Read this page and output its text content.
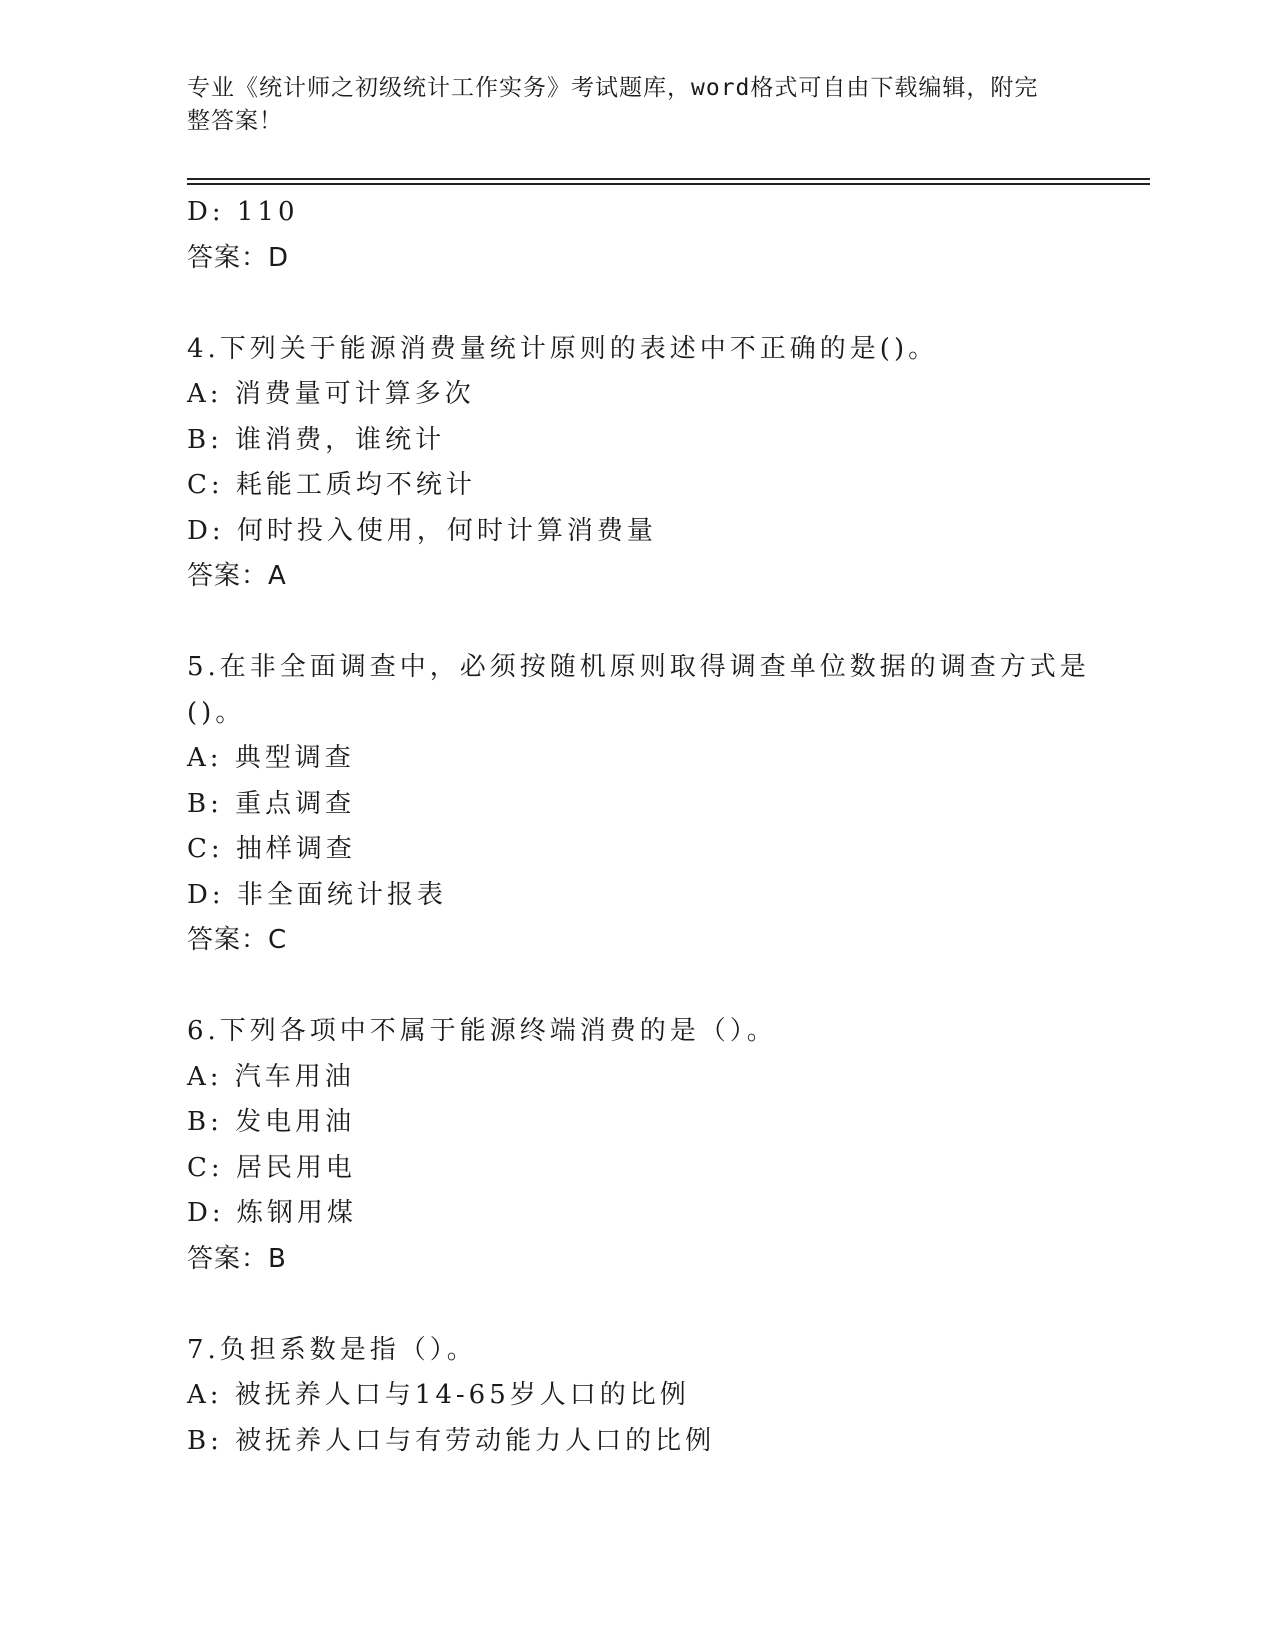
专业《统计师之初级统计工作实务》考试题库，word格式可自由下载编辑，附完
整答案！
D: 110
答案：D
4.下列关于能源消费量统计原则的表述中不正确的是()。
A: 消费量可计算多次
B: 谁消费，谁统计
C: 耗能工质均不统计
D: 何时投入使用，何时计算消费量
答案：A
5.在非全面调查中，必须按随机原则取得调查单位数据的调查方式是
()。
A: 典型调查
B: 重点调查
C: 抽样调查
D: 非全面统计报表
答案：C
6.下列各项中不属于能源终端消费的是（）。
A: 汽车用油
B: 发电用油
C: 居民用电
D: 炼钢用煤
答案：B
7.负担系数是指（）。
A: 被抚养人口与14-65岁人口的比例
B: 被抚养人口与有劳动能力人口的比例
